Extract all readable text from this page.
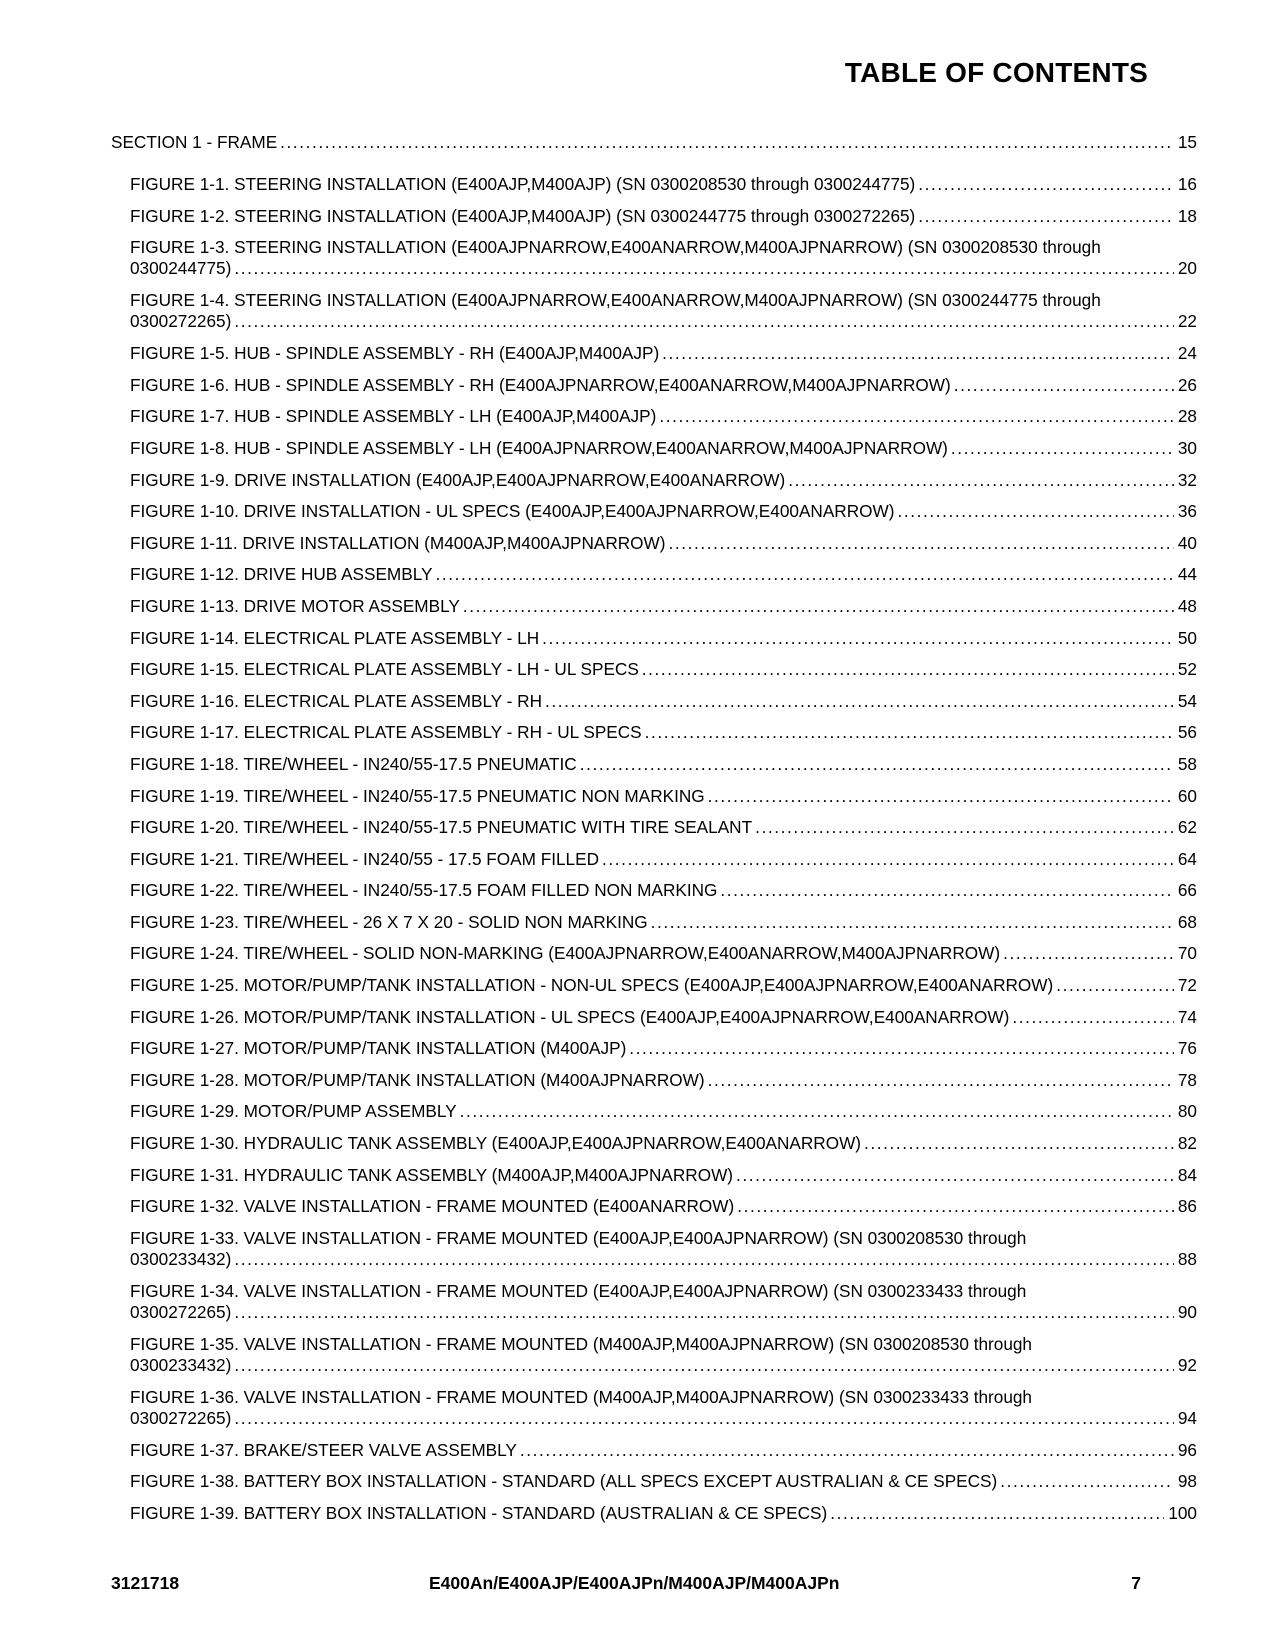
TABLE OF CONTENTS
SECTION 1 - FRAME .....	15
FIGURE 1-1. STEERING INSTALLATION (E400AJP,M400AJP) (SN 0300208530 through 0300244775) .....	16
FIGURE 1-2. STEERING INSTALLATION (E400AJP,M400AJP) (SN 0300244775 through 0300272265) .....	18
FIGURE 1-3. STEERING INSTALLATION (E400AJPNARROW,E400ANARROW,M400AJPNARROW) (SN 0300208530 through
0300244775) .....	20
FIGURE 1-4. STEERING INSTALLATION (E400AJPNARROW,E400ANARROW,M400AJPNARROW) (SN 0300244775 through
0300272265) .....	22
FIGURE 1-5. HUB - SPINDLE ASSEMBLY - RH (E400AJP,M400AJP) .....	24
FIGURE 1-6. HUB - SPINDLE ASSEMBLY - RH (E400AJPNARROW,E400ANARROW,M400AJPNARROW) .....	26
FIGURE 1-7. HUB - SPINDLE ASSEMBLY - LH (E400AJP,M400AJP) .....	28
FIGURE 1-8. HUB - SPINDLE ASSEMBLY - LH (E400AJPNARROW,E400ANARROW,M400AJPNARROW) .....	30
FIGURE 1-9. DRIVE INSTALLATION (E400AJP,E400AJPNARROW,E400ANARROW) .....	32
FIGURE 1-10. DRIVE INSTALLATION - UL SPECS (E400AJP,E400AJPNARROW,E400ANARROW) .....	36
FIGURE 1-11. DRIVE INSTALLATION (M400AJP,M400AJPNARROW) .....	40
FIGURE 1-12. DRIVE HUB ASSEMBLY .....	44
FIGURE 1-13. DRIVE MOTOR ASSEMBLY .....	48
FIGURE 1-14. ELECTRICAL PLATE ASSEMBLY - LH .....	50
FIGURE 1-15. ELECTRICAL PLATE ASSEMBLY - LH - UL SPECS .....	52
FIGURE 1-16. ELECTRICAL PLATE ASSEMBLY - RH .....	54
FIGURE 1-17. ELECTRICAL PLATE ASSEMBLY - RH - UL SPECS .....	56
FIGURE 1-18. TIRE/WHEEL - IN240/55-17.5 PNEUMATIC .....	58
FIGURE 1-19. TIRE/WHEEL - IN240/55-17.5 PNEUMATIC NON MARKING .....	60
FIGURE 1-20. TIRE/WHEEL - IN240/55-17.5 PNEUMATIC WITH TIRE SEALANT .....	62
FIGURE 1-21. TIRE/WHEEL - IN240/55 - 17.5 FOAM FILLED .....	64
FIGURE 1-22. TIRE/WHEEL - IN240/55-17.5 FOAM FILLED NON MARKING .....	66
FIGURE 1-23. TIRE/WHEEL - 26 X 7 X 20 - SOLID NON MARKING .....	68
FIGURE 1-24. TIRE/WHEEL - SOLID NON-MARKING (E400AJPNARROW,E400ANARROW,M400AJPNARROW) .....	70
FIGURE 1-25. MOTOR/PUMP/TANK INSTALLATION - NON-UL SPECS (E400AJP,E400AJPNARROW,E400ANARROW) .....	72
FIGURE 1-26. MOTOR/PUMP/TANK INSTALLATION - UL SPECS (E400AJP,E400AJPNARROW,E400ANARROW) .....	74
FIGURE 1-27. MOTOR/PUMP/TANK INSTALLATION (M400AJP) .....	76
FIGURE 1-28. MOTOR/PUMP/TANK INSTALLATION (M400AJPNARROW) .....	78
FIGURE 1-29. MOTOR/PUMP ASSEMBLY .....	80
FIGURE 1-30. HYDRAULIC TANK ASSEMBLY (E400AJP,E400AJPNARROW,E400ANARROW) .....	82
FIGURE 1-31. HYDRAULIC TANK ASSEMBLY (M400AJP,M400AJPNARROW) .....	84
FIGURE 1-32. VALVE INSTALLATION - FRAME MOUNTED (E400ANARROW) .....	86
FIGURE 1-33. VALVE INSTALLATION - FRAME MOUNTED (E400AJP,E400AJPNARROW) (SN 0300208530 through
0300233432) .....	88
FIGURE 1-34. VALVE INSTALLATION - FRAME MOUNTED (E400AJP,E400AJPNARROW) (SN 0300233433 through
0300272265) .....	90
FIGURE 1-35. VALVE INSTALLATION - FRAME MOUNTED (M400AJP,M400AJPNARROW) (SN 0300208530 through
0300233432) .....	92
FIGURE 1-36. VALVE INSTALLATION - FRAME MOUNTED (M400AJP,M400AJPNARROW) (SN 0300233433 through
0300272265) .....	94
FIGURE 1-37. BRAKE/STEER VALVE ASSEMBLY .....	96
FIGURE 1-38. BATTERY BOX INSTALLATION - STANDARD (ALL SPECS EXCEPT AUSTRALIAN & CE SPECS) .....	98
FIGURE 1-39. BATTERY BOX INSTALLATION - STANDARD (AUSTRALIAN & CE SPECS) .....	100
3121718	E400An/E400AJP/E400AJPn/M400AJP/M400AJPn	7
